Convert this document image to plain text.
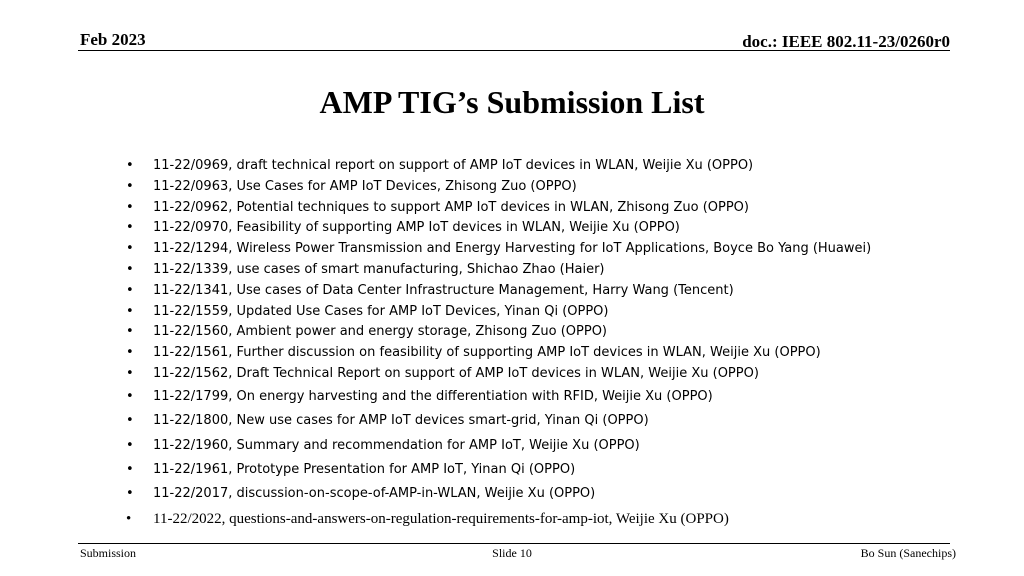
Feb 2023	doc.: IEEE 802.11-23/0260r0
AMP TIG’s Submission List
• 11-22/0969, draft technical report on support of AMP IoT devices in WLAN, Weijie Xu (OPPO)
• 11-22/0963, Use Cases for AMP IoT Devices, Zhisong Zuo (OPPO)
• 11-22/0962, Potential techniques to support AMP IoT devices in WLAN, Zhisong Zuo (OPPO)
• 11-22/0970, Feasibility of supporting AMP IoT devices in WLAN, Weijie Xu (OPPO)
• 11-22/1294, Wireless Power Transmission and Energy Harvesting for IoT Applications, Boyce Bo Yang (Huawei)
• 11-22/1339, use cases of smart manufacturing, Shichao Zhao (Haier)
• 11-22/1341, Use cases of Data Center Infrastructure Management, Harry Wang (Tencent)
• 11-22/1559, Updated Use Cases for AMP IoT Devices, Yinan Qi (OPPO)
• 11-22/1560, Ambient power and energy storage, Zhisong Zuo (OPPO)
• 11-22/1561, Further discussion on feasibility of supporting AMP IoT devices in WLAN, Weijie Xu (OPPO)
• 11-22/1562, Draft Technical Report on support of AMP IoT devices in WLAN, Weijie Xu (OPPO)
• 11-22/1799, On energy harvesting and the differentiation with RFID, Weijie Xu (OPPO)
• 11-22/1800, New use cases for AMP IoT devices smart-grid, Yinan Qi (OPPO)
• 11-22/1960, Summary and recommendation for AMP IoT, Weijie Xu (OPPO)
• 11-22/1961, Prototype Presentation for AMP IoT, Yinan Qi (OPPO)
• 11-22/2017, discussion-on-scope-of-AMP-in-WLAN, Weijie Xu (OPPO)
• 11-22/2022, questions-and-answers-on-regulation-requirements-for-amp-iot, Weijie Xu (OPPO)
Submission	Slide 10	Bo Sun (Sanechips)
